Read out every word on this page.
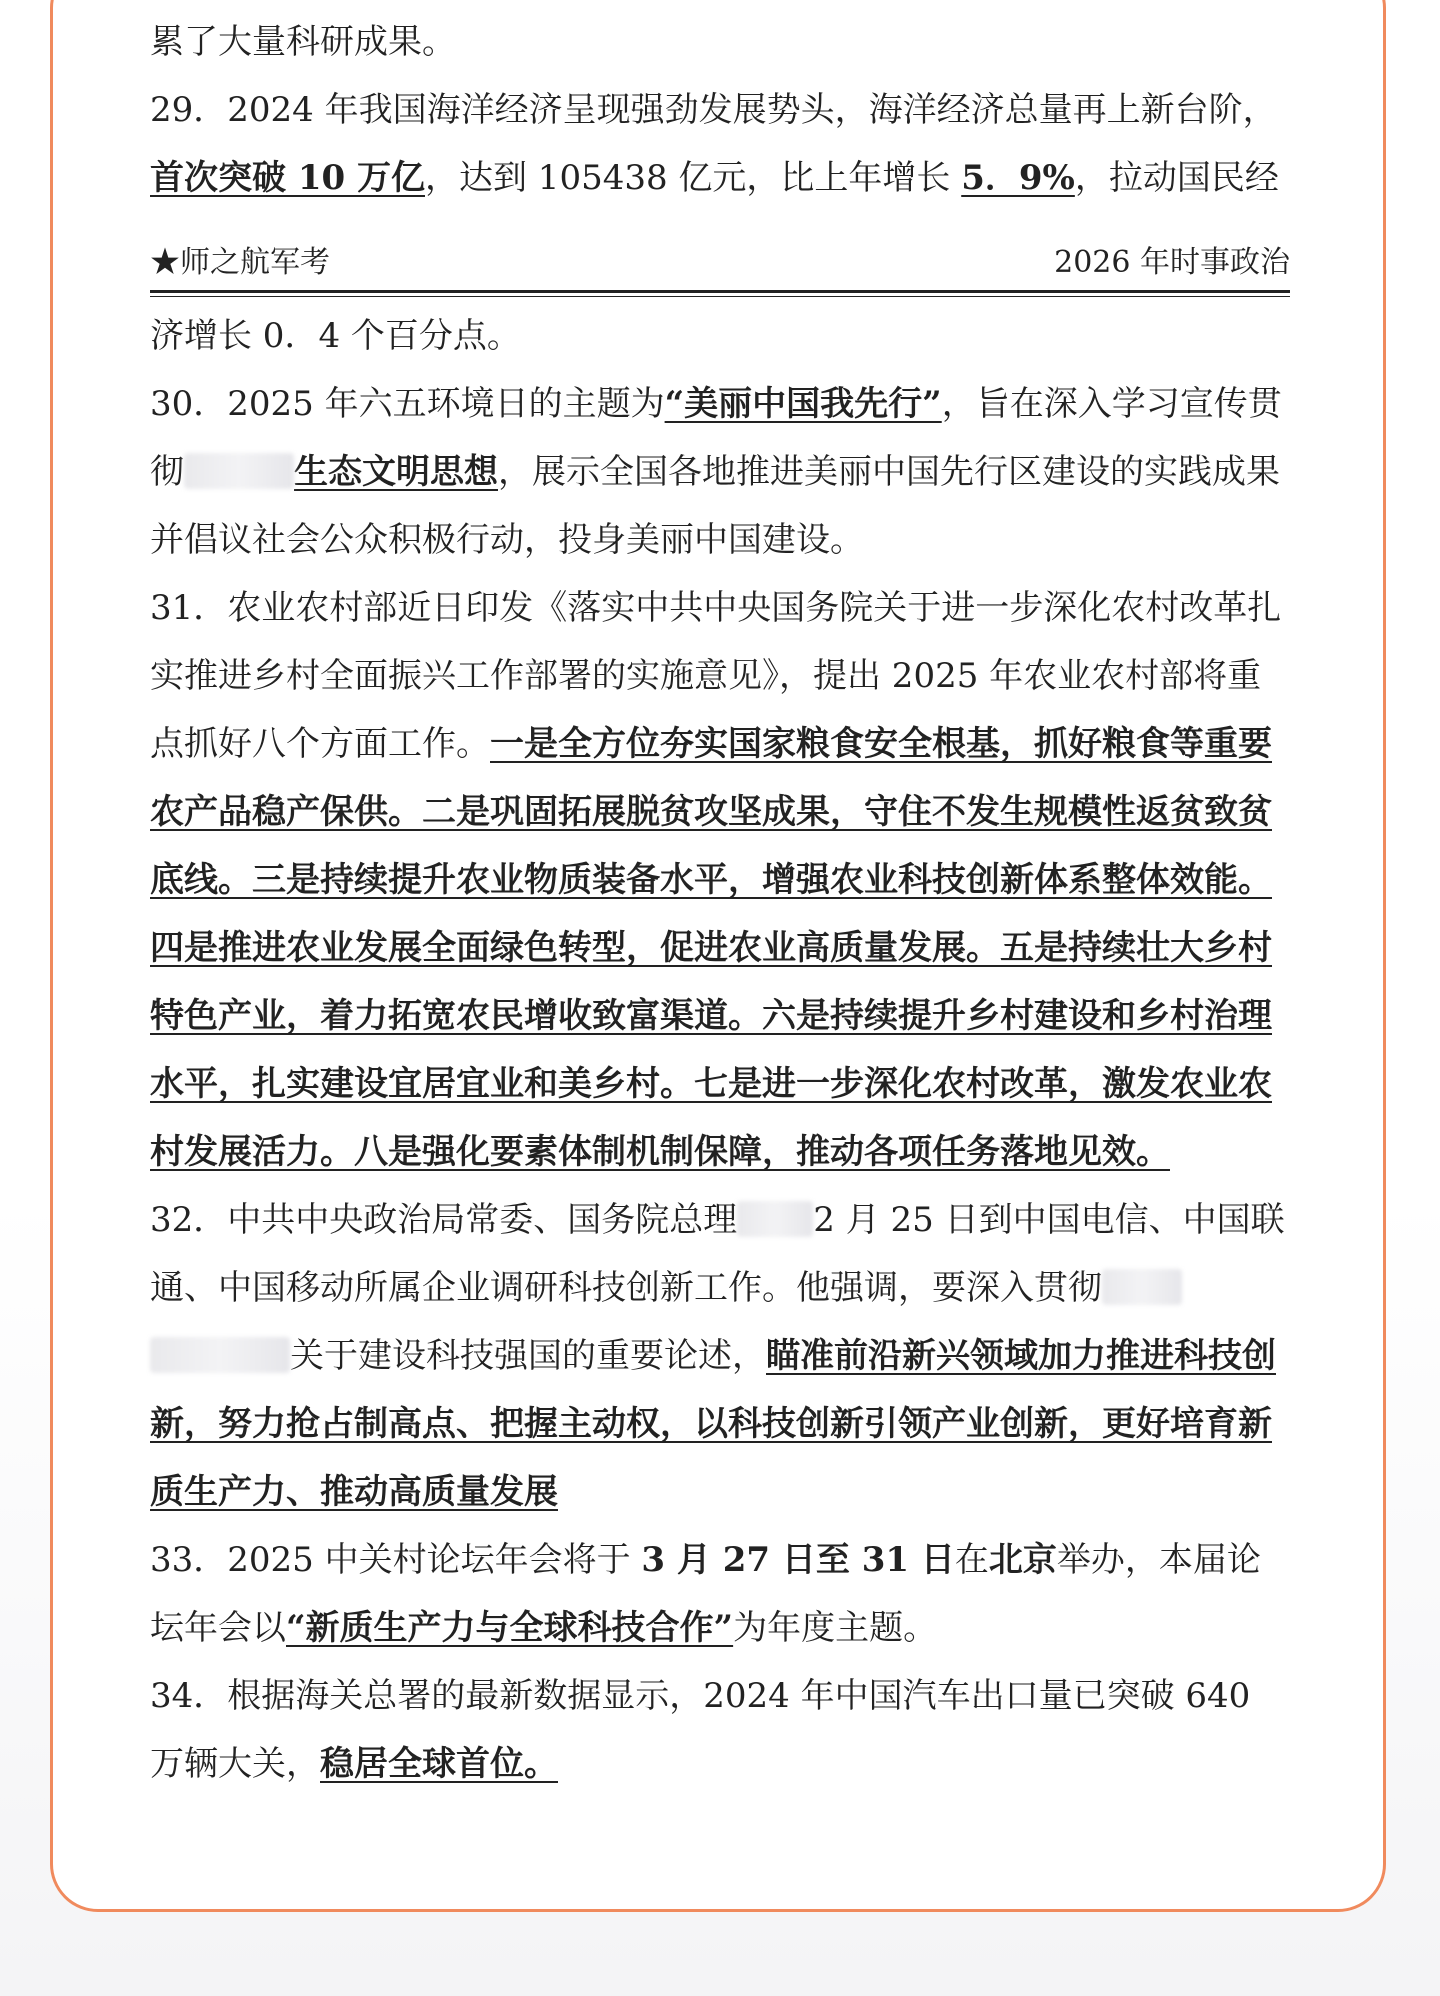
累了大量科研成果。

29．2024 年我国海洋经济呈现强劲发展势头，海洋经济总量再上新台阶，首次突破 10 万亿，达到 105438 亿元，比上年增长 5．9%，拉动国民经

★师之航军考	2026 年时事政治

济增长 0．4 个百分点。

30．2025 年六五环境日的主题为“美丽中国我先行”，旨在深入学习宣传贯彻	生态文明思想，展示全国各地推进美丽中国先行区建设的实践成果并倡议社会公众积极行动，投身美丽中国建设。

31．农业农村部近日印发《落实中共中央国务院关于进一步深化农村改革扎实推进乡村全面振兴工作部署的实施意见》，提出 2025 年农业农村部将重点抓好八个方面工作。一是全方位夯实国家粮食安全根基，抓好粮食等重要农产品稳产保供。二是巩固拓展脱贫攻坚成果，守住不发生规模性返贫致贫底线。三是持续提升农业物质装备水平，增强农业科技创新体系整体效能。四是推进农业发展全面绿色转型，促进农业高质量发展。五是持续壮大乡村特色产业，着力拓宽农民增收致富渠道。六是持续提升乡村建设和乡村治理水平，扎实建设宜居宜业和美乡村。七是进一步深化农村改革，激发农业农村发展活力。八是强化要素体制机制保障，推动各项任务落地见效。

32．中共中央政治局常委、国务院总理 2 月 25 日到中国电信、中国联通、中国移动所属企业调研科技创新工作。他强调，要深入贯彻关于建设科技强国的重要论述，瞄准前沿新兴领域加力推进科技创新，努力抢占制高点、把握主动权，以科技创新引领产业创新，更好培育新质生产力、推动高质量发展

33．2025 中关村论坛年会将于 3 月 27 日至 31 日在北京举办，本届论坛年会以“新质生产力与全球科技合作”为年度主题。

34．根据海关总署的最新数据显示，2024 年中国汽车出口量已突破 640 万辆大关，稳居全球首位。
